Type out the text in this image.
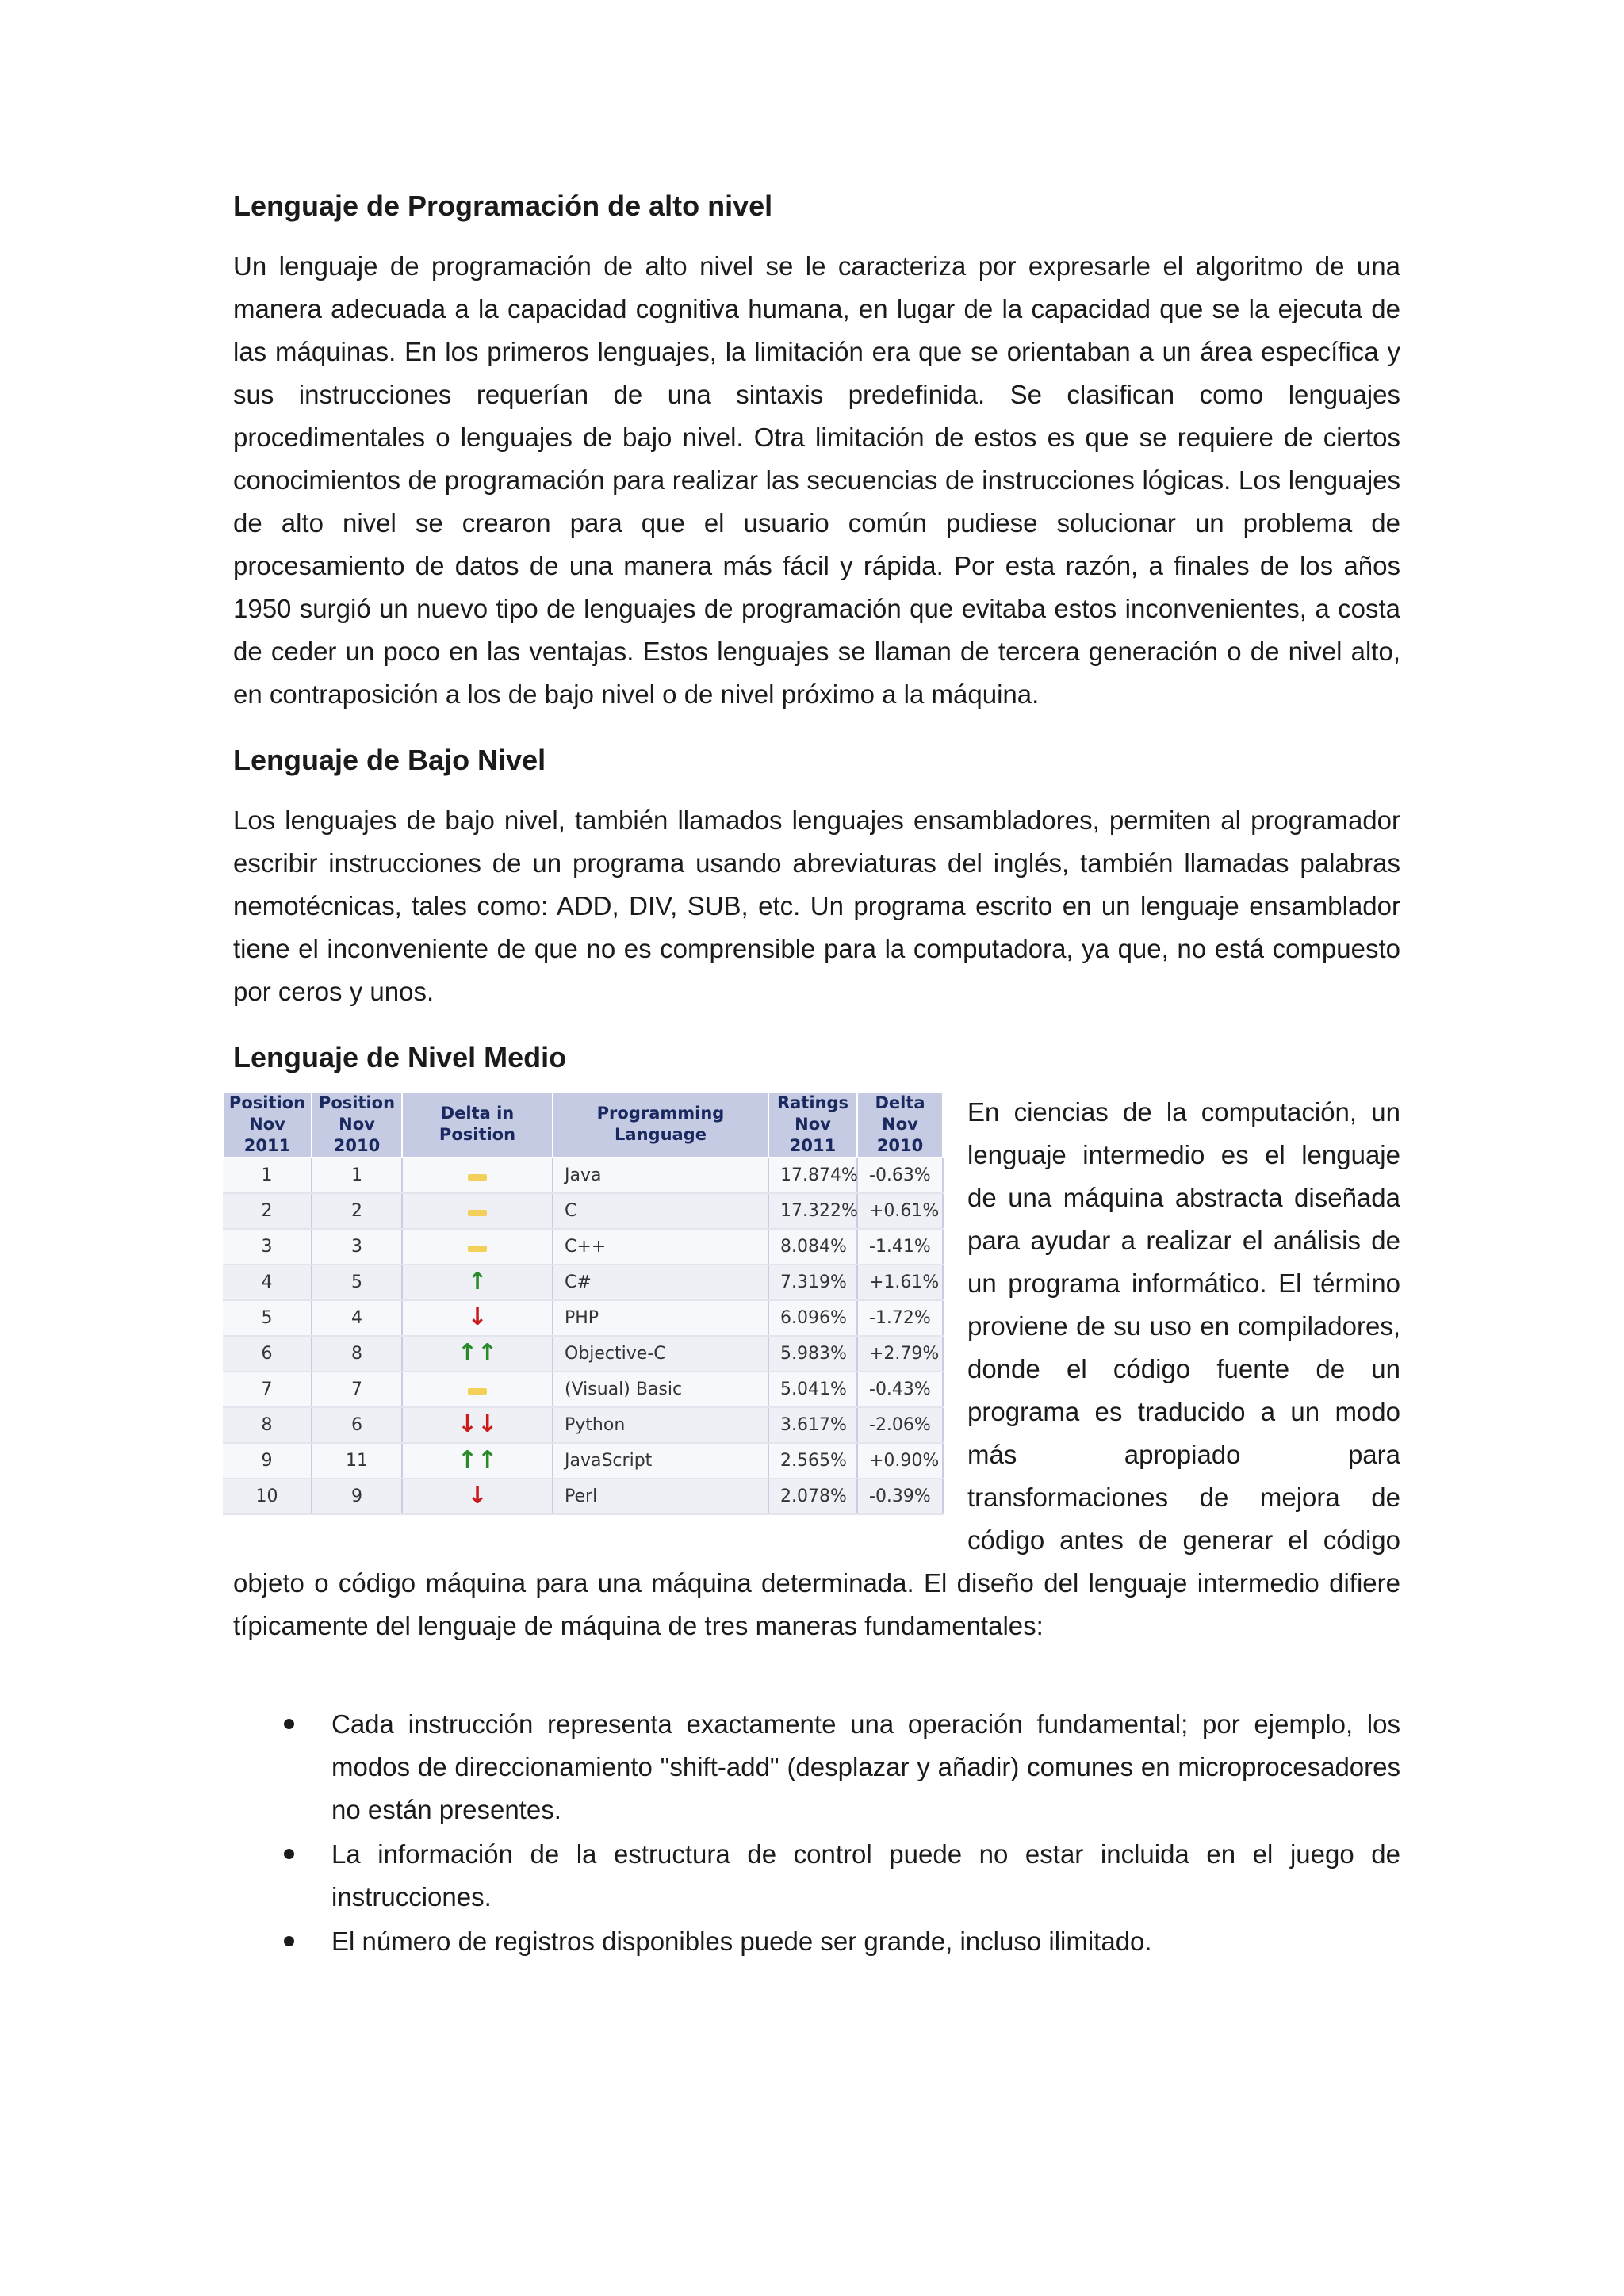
Lenguaje de Programación de alto nivel

Un lenguaje de programación de alto nivel se le caracteriza por expresarle el algoritmo de una manera adecuada a la capacidad cognitiva humana, en lugar de la capacidad que se la ejecuta de las máquinas. En los primeros lenguajes, la limitación era que se orientaban a un área específica y sus instrucciones requerían de una sintaxis predefinida. Se clasifican como lenguajes procedimentales o lenguajes de bajo nivel. Otra limitación de estos es que se requiere de ciertos conocimientos de programación para realizar las secuencias de instrucciones lógicas. Los lenguajes de alto nivel se crearon para que el usuario común pudiese solucionar un problema de procesamiento de datos de una manera más fácil y rápida. Por esta razón, a finales de los años 1950 surgió un nuevo tipo de lenguajes de programación que evitaba estos inconvenientes, a costa de ceder un poco en las ventajas. Estos lenguajes se llaman de tercera generación o de nivel alto, en contraposición a los de bajo nivel o de nivel próximo a la máquina.

Lenguaje de Bajo Nivel

Los lenguajes de bajo nivel, también llamados lenguajes ensambladores, permiten al programador escribir instrucciones de un programa usando abreviaturas del inglés, también llamadas palabras nemotécnicas, tales como: ADD, DIV, SUB, etc. Un programa escrito en un lenguaje ensamblador tiene el inconveniente de que no es comprensible para la computadora, ya que, no está compuesto por ceros y unos.

Lenguaje de Nivel Medio
Position Nov 2011	Position Nov 2010	Delta in Position	Programming Language	Ratings Nov 2011	Delta Nov 2010
1	1		Java	17.874%	-0.63%
2	2		C	17.322%	+0.61%
3	3		C++	8.084%	-1.41%
4	5	↑	C#	7.319%	+1.61%
5	4	↓	PHP	6.096%	-1.72%
6	8	↑↑	Objective-C	5.983%	+2.79%
7	7		(Visual) Basic	5.041%	-0.43%
8	6	↓↓	Python	3.617%	-2.06%
9	11	↑↑	JavaScript	2.565%	+0.90%
10	9	↓	Perl	2.078%	-0.39%

En ciencias de la computación, un lenguaje intermedio es el lenguaje de una máquina abstracta diseñada para ayudar a realizar el análisis de un programa informático. El término proviene de su uso en compiladores, donde el código fuente de un programa es traducido a un modo más apropiado para transformaciones de mejora de código antes de generar el código objeto o código máquina para una máquina determinada. El diseño del lenguaje intermedio difiere típicamente del lenguaje de máquina de tres maneras fundamentales:

Cada instrucción representa exactamente una operación fundamental; por ejemplo, los modos de direccionamiento "shift-add" (desplazar y añadir) comunes en microprocesadores no están presentes.
La información de la estructura de control puede no estar incluida en el juego de instrucciones.
El número de registros disponibles puede ser grande, incluso ilimitado.
